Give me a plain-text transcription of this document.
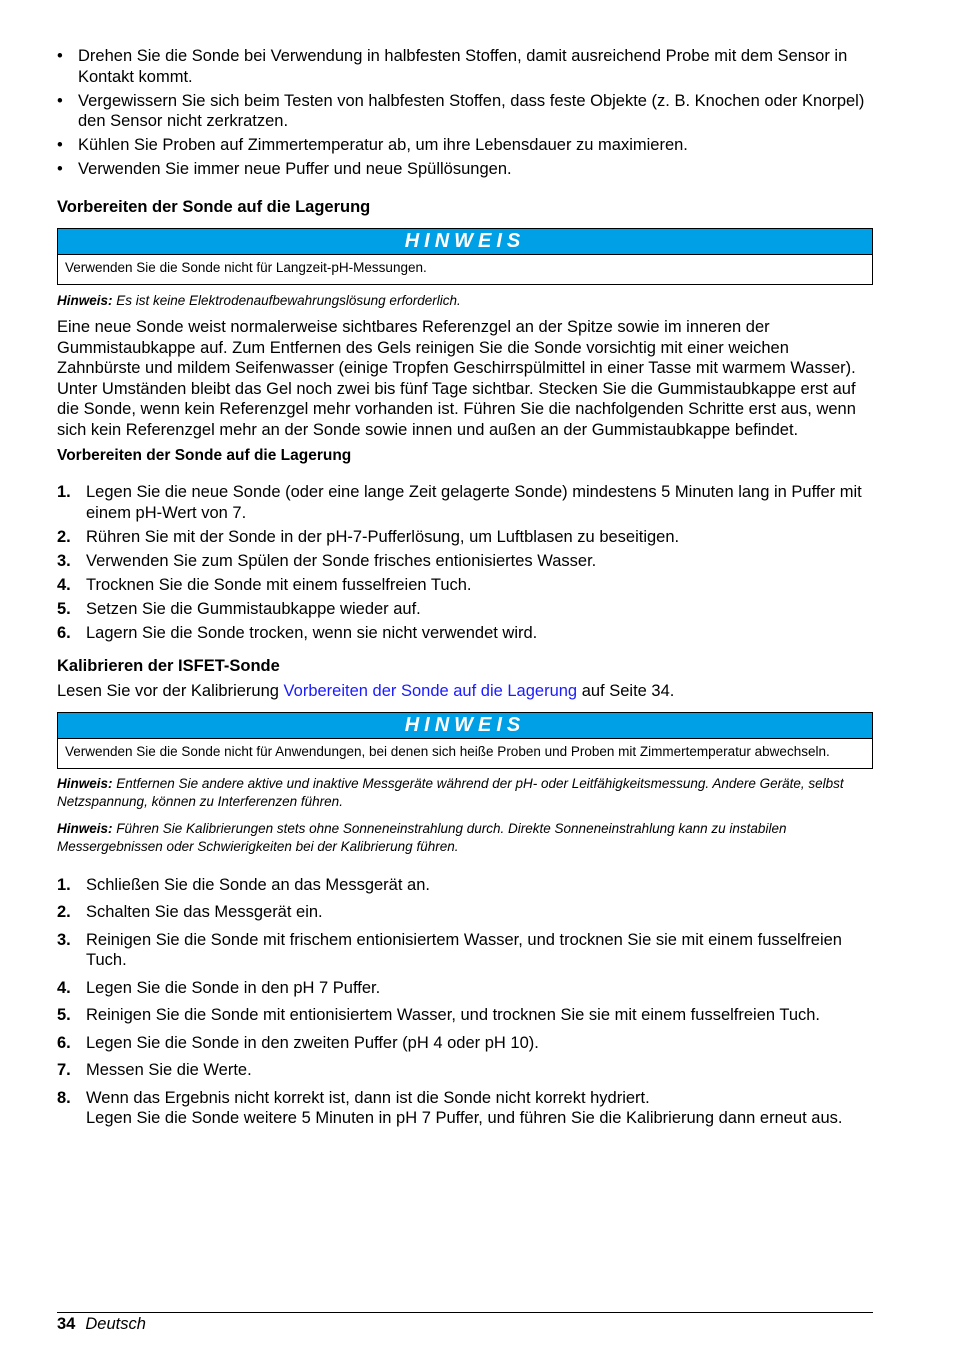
• Drehen Sie die Sonde bei Verwendung in halbfesten Stoffen, damit ausreichend Probe mit dem Sensor in Kontakt kommt.
• Vergewissern Sie sich beim Testen von halbfesten Stoffen, dass feste Objekte (z. B. Knochen oder Knorpel) den Sensor nicht zerkratzen.
• Kühlen Sie Proben auf Zimmertemperatur ab, um ihre Lebensdauer zu maximieren.
• Verwenden Sie immer neue Puffer und neue Spüllösungen.
Vorbereiten der Sonde auf die Lagerung
HINWEIS
Verwenden Sie die Sonde nicht für Langzeit-pH-Messungen.

Hinweis: Es ist keine Elektrodenaufbewahrungslösung erforderlich.

Eine neue Sonde weist normalerweise sichtbares Referenzgel an der Spitze sowie im inneren der Gummistaubkappe auf. Zum Entfernen des Gels reinigen Sie die Sonde vorsichtig mit einer weichen Zahnbürste und mildem Seifenwasser (einige Tropfen Geschirrspülmittel in einer Tasse mit warmem Wasser). Unter Umständen bleibt das Gel noch zwei bis fünf Tage sichtbar. Stecken Sie die Gummistaubkappe erst auf die Sonde, wenn kein Referenzgel mehr vorhanden ist. Führen Sie die nachfolgenden Schritte erst aus, wenn sich kein Referenzgel mehr an der Sonde sowie innen und außen an der Gummistaubkappe befindet.

Vorbereiten der Sonde auf die Lagerung
1. Legen Sie die neue Sonde (oder eine lange Zeit gelagerte Sonde) mindestens 5 Minuten lang in Puffer mit einem pH-Wert von 7.
2. Rühren Sie mit der Sonde in der pH-7-Pufferlösung, um Luftblasen zu beseitigen.
3. Verwenden Sie zum Spülen der Sonde frisches entionisiertes Wasser.
4. Trocknen Sie die Sonde mit einem fusselfreien Tuch.
5. Setzen Sie die Gummistaubkappe wieder auf.
6. Lagern Sie die Sonde trocken, wenn sie nicht verwendet wird.
Kalibrieren der ISFET-Sonde

Lesen Sie vor der Kalibrierung Vorbereiten der Sonde auf die Lagerung auf Seite 34.

HINWEIS
Verwenden Sie die Sonde nicht für Anwendungen, bei denen sich heiße Proben und Proben mit Zimmertemperatur abwechseln.

Hinweis: Entfernen Sie andere aktive und inaktive Messgeräte während der pH- oder Leitfähigkeitsmessung. Andere Geräte, selbst Netzspannung, können zu Interferenzen führen.

Hinweis: Führen Sie Kalibrierungen stets ohne Sonneneinstrahlung durch. Direkte Sonneneinstrahlung kann zu instabilen Messergebnissen oder Schwierigkeiten bei der Kalibrierung führen.

1. Schließen Sie die Sonde an das Messgerät an.
2. Schalten Sie das Messgerät ein.
3. Reinigen Sie die Sonde mit frischem entionisiertem Wasser, und trocknen Sie sie mit einem fusselfreien Tuch.
4. Legen Sie die Sonde in den pH 7 Puffer.
5. Reinigen Sie die Sonde mit entionisiertem Wasser, und trocknen Sie sie mit einem fusselfreien Tuch.
6. Legen Sie die Sonde in den zweiten Puffer (pH 4 oder pH 10).
7. Messen Sie die Werte.
8. Wenn das Ergebnis nicht korrekt ist, dann ist die Sonde nicht korrekt hydriert.
Legen Sie die Sonde weitere 5 Minuten in pH 7 Puffer, und führen Sie die Kalibrierung dann erneut aus.
34 Deutsch
